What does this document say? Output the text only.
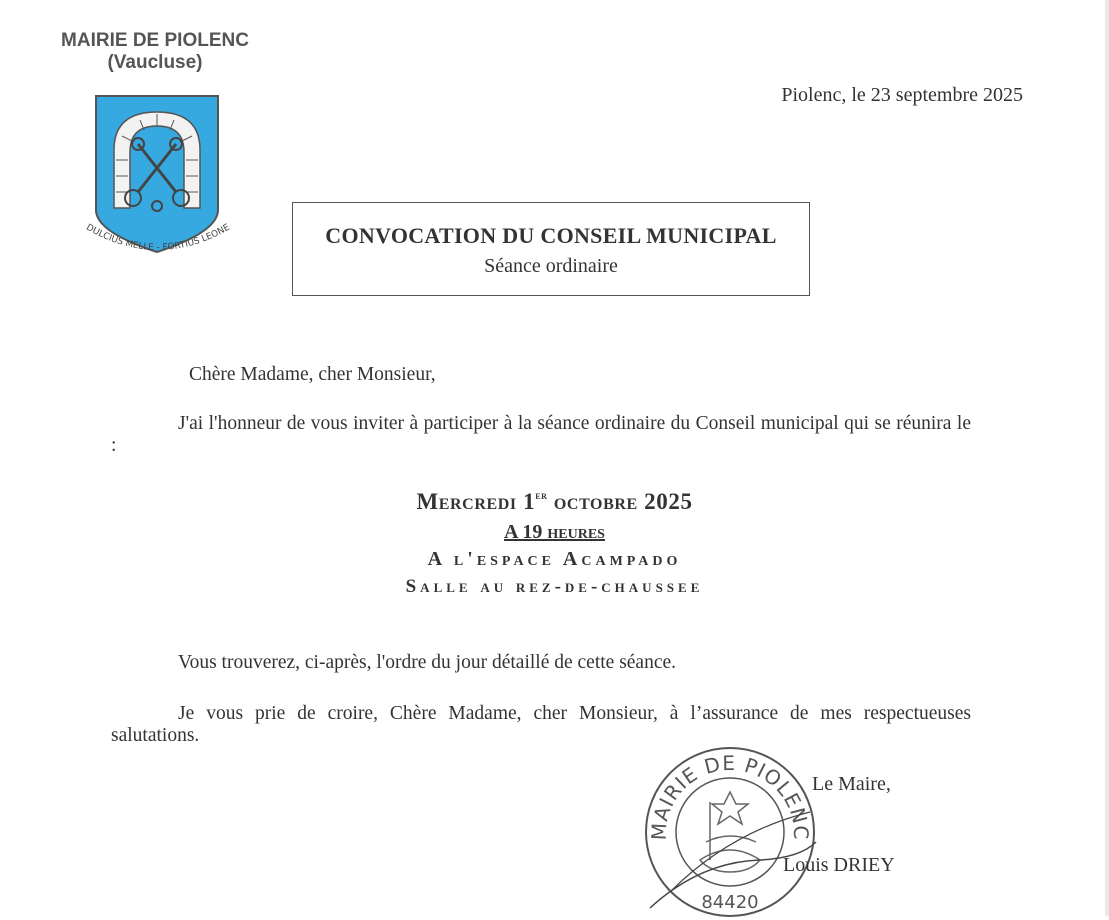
MAIRIE DE PIOLENC
(Vaucluse)
DULCIUS MELLE - FORTIUS LEONE
Piolenc, le 23 septembre 2025
CONVOCATION DU CONSEIL MUNICIPAL
Séance ordinaire
Chère Madame, cher Monsieur,
J'ai l'honneur de vous inviter à participer à la séance ordinaire du Conseil municipal qui se réunira le :
Mercredi 1er octobre 2025
A 19 heures
A l'espace Acampado
Salle au rez-de-chaussee
Vous trouverez, ci-après, l'ordre du jour détaillé de cette séance.
Je vous prie de croire, Chère Madame, cher Monsieur, à l’assurance de mes respectueuses salutations.
MAIRIE DE PIOLENC
84420
Le Maire,
Louis DRIEY
